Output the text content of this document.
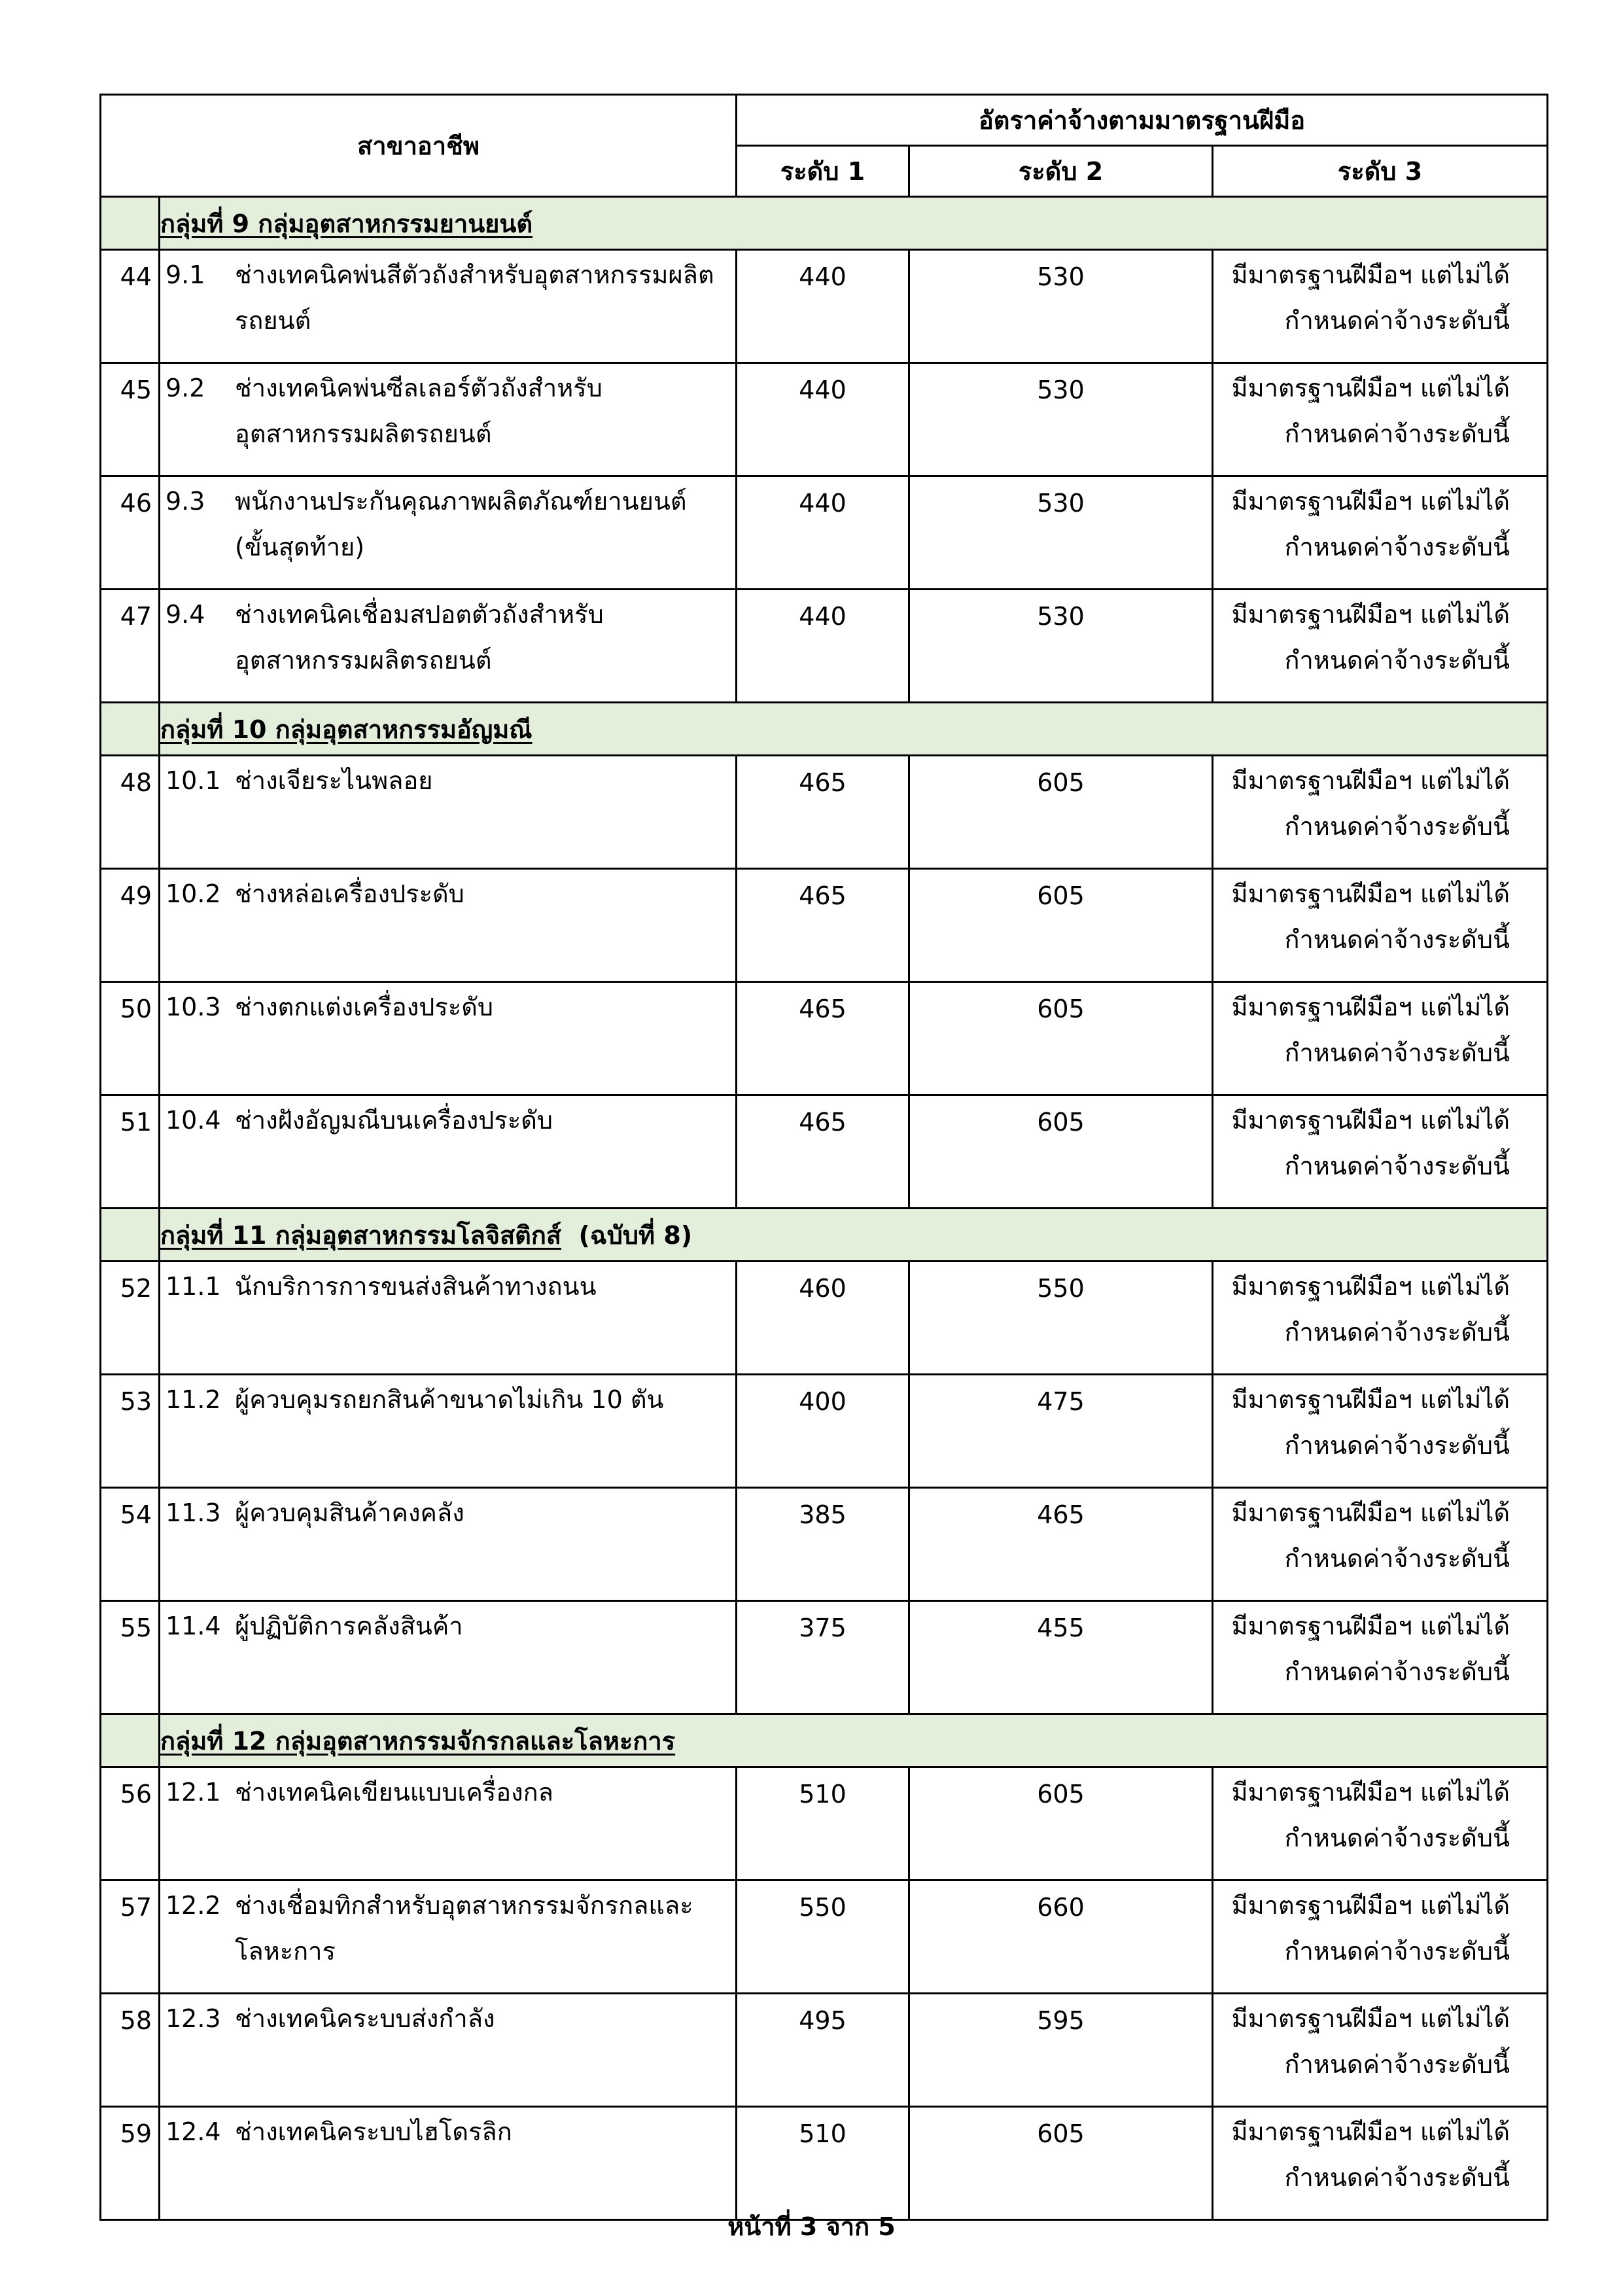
สาขาอาชีพ		อัตราค่าจ้างตามมาตรฐานฝีมือ		
		ระดับ 1	ระดับ 2	ระดับ 3
	กลุ่มที่ 9 กลุ่มอุตสาหกรรมยานยนต์			
44	9.1 ช่างเทคนิคพ่นสีตัวถังสำหรับอุตสาหกรรมผลิตรถยนต์	440	530	มีมาตรฐานฝีมือฯ แต่ไม่ได้
กำหนดค่าจ้างระดับนี้

45	9.2 ช่างเทคนิคพ่นซีลเลอร์ตัวถังสำหรับอุตสาหกรรมผลิตรถยนต์	440	530	มีมาตรฐานฝีมือฯ แต่ไม่ได้
กำหนดค่าจ้างระดับนี้

46	9.3 พนักงานประกันคุณภาพผลิตภัณฑ์ยานยนต์ (ขั้นสุดท้าย)	440	530	มีมาตรฐานฝีมือฯ แต่ไม่ได้
กำหนดค่าจ้างระดับนี้

47	9.4 ช่างเทคนิคเชื่อมสปอตตัวถังสำหรับอุตสาหกรรมผลิตรถยนต์	440	530	มีมาตรฐานฝีมือฯ แต่ไม่ได้
กำหนดค่าจ้างระดับนี้

	กลุ่มที่ 10 กลุ่มอุตสาหกรรมอัญมณี			
48	10.1 ช่างเจียระไนพลอย	465	605	มีมาตรฐานฝีมือฯ แต่ไม่ได้
กำหนดค่าจ้างระดับนี้

49	10.2 ช่างหล่อเครื่องประดับ	465	605	มีมาตรฐานฝีมือฯ แต่ไม่ได้
กำหนดค่าจ้างระดับนี้

50	10.3 ช่างตกแต่งเครื่องประดับ	465	605	มีมาตรฐานฝีมือฯ แต่ไม่ได้
กำหนดค่าจ้างระดับนี้

51	10.4 ช่างฝังอัญมณีบนเครื่องประดับ	465	605	มีมาตรฐานฝีมือฯ แต่ไม่ได้
กำหนดค่าจ้างระดับนี้

	กลุ่มที่ 11 กลุ่มอุตสาหกรรมโลจิสติกส์ (ฉบับที่ 8)			
52	11.1 นักบริการการขนส่งสินค้าทางถนน	460	550	มีมาตรฐานฝีมือฯ แต่ไม่ได้
กำหนดค่าจ้างระดับนี้

53	11.2 ผู้ควบคุมรถยกสินค้าขนาดไม่เกิน 10 ตัน	400	475	มีมาตรฐานฝีมือฯ แต่ไม่ได้
กำหนดค่าจ้างระดับนี้

54	11.3 ผู้ควบคุมสินค้าคงคลัง	385	465	มีมาตรฐานฝีมือฯ แต่ไม่ได้
กำหนดค่าจ้างระดับนี้

55	11.4 ผู้ปฏิบัติการคลังสินค้า	375	455	มีมาตรฐานฝีมือฯ แต่ไม่ได้
กำหนดค่าจ้างระดับนี้

	กลุ่มที่ 12 กลุ่มอุตสาหกรรมจักรกลและโลหะการ			
56	12.1 ช่างเทคนิคเขียนแบบเครื่องกล	510	605	มีมาตรฐานฝีมือฯ แต่ไม่ได้
กำหนดค่าจ้างระดับนี้

57	12.2 ช่างเชื่อมทิกสำหรับอุตสาหกรรมจักรกลและโลหะการ	550	660	มีมาตรฐานฝีมือฯ แต่ไม่ได้
กำหนดค่าจ้างระดับนี้

58	12.3 ช่างเทคนิคระบบส่งกำลัง	495	595	มีมาตรฐานฝีมือฯ แต่ไม่ได้
กำหนดค่าจ้างระดับนี้

59	12.4 ช่างเทคนิคระบบไฮโดรลิก	510	605	มีมาตรฐานฝีมือฯ แต่ไม่ได้
กำหนดค่าจ้างระดับนี้
หน้าที่ 3 จาก 5
